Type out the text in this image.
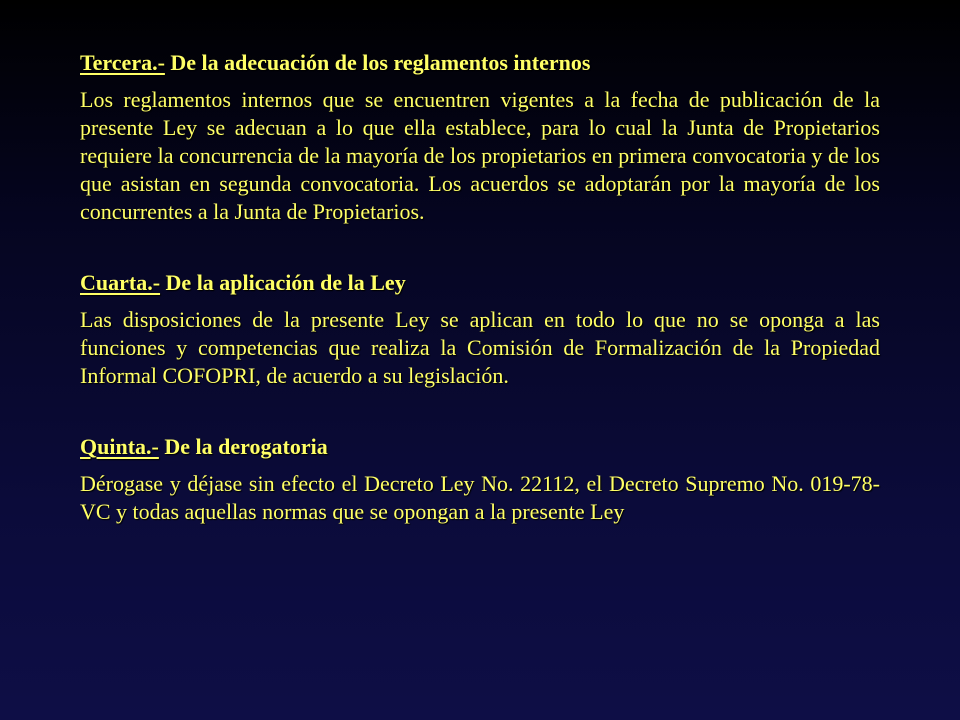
Tercera.- De la adecuación de los reglamentos internos

Los reglamentos internos que se encuentren vigentes a la fecha de publicación de la presente Ley se adecuan a lo que ella establece, para lo cual la Junta de Propietarios requiere la concurrencia de la mayoría de los propietarios en primera convocatoria y de los que asistan en segunda convocatoria. Los acuerdos se adoptarán por la mayoría de los concurrentes a la Junta de Propietarios.

Cuarta.- De la aplicación de la Ley

Las disposiciones de la presente Ley se aplican en todo lo que no se oponga a las funciones y competencias que realiza la Comisión de Formalización de la Propiedad Informal COFOPRI, de acuerdo a su legislación.

Quinta.- De la derogatoria

Dérogase y déjase sin efecto el Decreto Ley No. 22112, el Decreto Supremo No. 019-78-VC y todas aquellas normas que se opongan a la presente Ley
